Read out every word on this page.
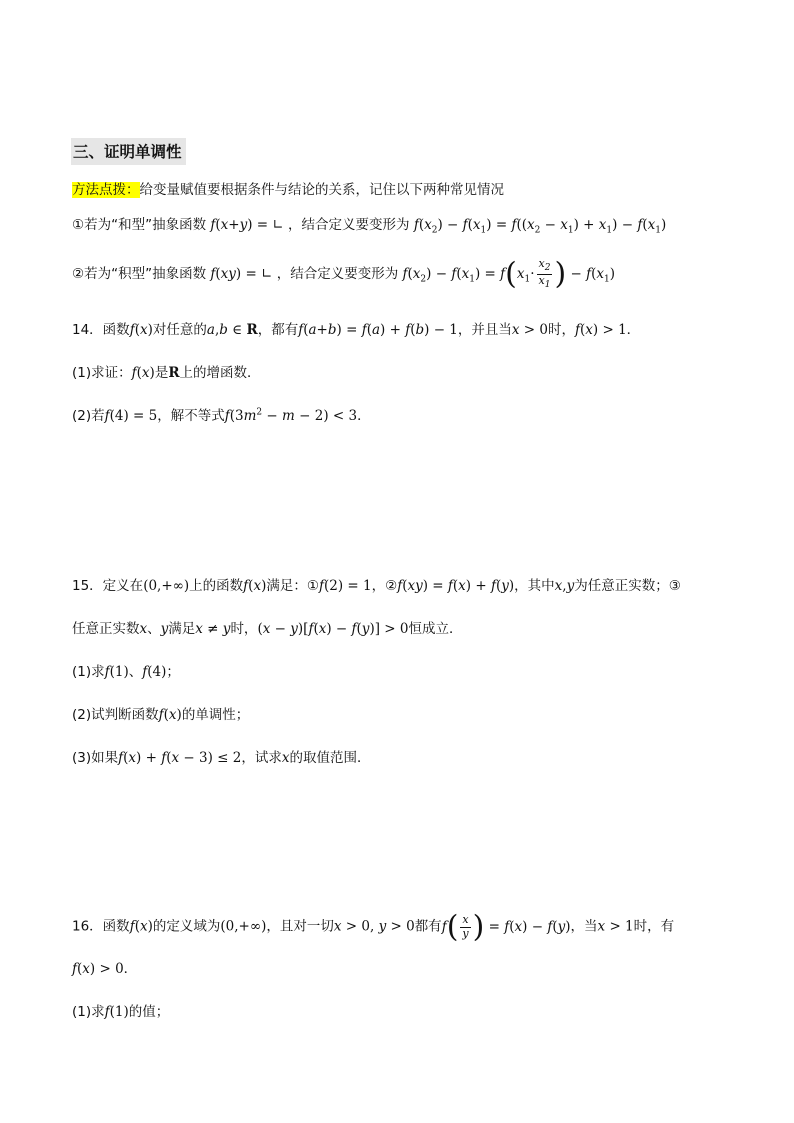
三、证明单调性
方法点拨：给变量赋值要根据条件与结论的关系，记住以下两种常见情况
①若为“和型”抽象函数 f(x+y) = ∟ ，结合定义要变形为 $f(x_2) - f(x_1) = f((x_2 - x_1) + x_1) - f(x_1)$
②若为“积型”抽象函数 f(xy) = ∟ ，结合定义要变形为 $f(x_2) - f(x_1) = f(x_1\cdot \frac{x_2}{x_1}$ ) − $f(x_1)$
14．函数f(x)对任意的a,b ∈ R，都有f(a+b) = f(a) + f(b) − 1，并且当x > 0时，f(x) > 1．
(1)求证：f(x)是R上的增函数．
(2)若f(4) = 5，解不等式$f(3m^2 - m - 2) < 3$．
15．定义在(0,+∞)上的函数f(x)满足：①f(2) = 1，②f(xy) = f(x) + f(y)，其中x,y为任意正实数；③
任意正实数x、y满足x ≠ y时，(x − y)[f(x) − f(y)] > 0恒成立．
(1)求f(1)、f(4)；
(2)试判断函数f(x)的单调性；
(3)如果f(x) + f(x − 3) ≤ 2，试求x的取值范围．
16．函数f(x)的定义域为(0,+∞)，且对一切x > 0, y > 0都有$f( \frac{x}{y}$ ) = f(x) − f(y)，当x > 1时，有
f(x) > 0．
(1)求f(1)的值；
